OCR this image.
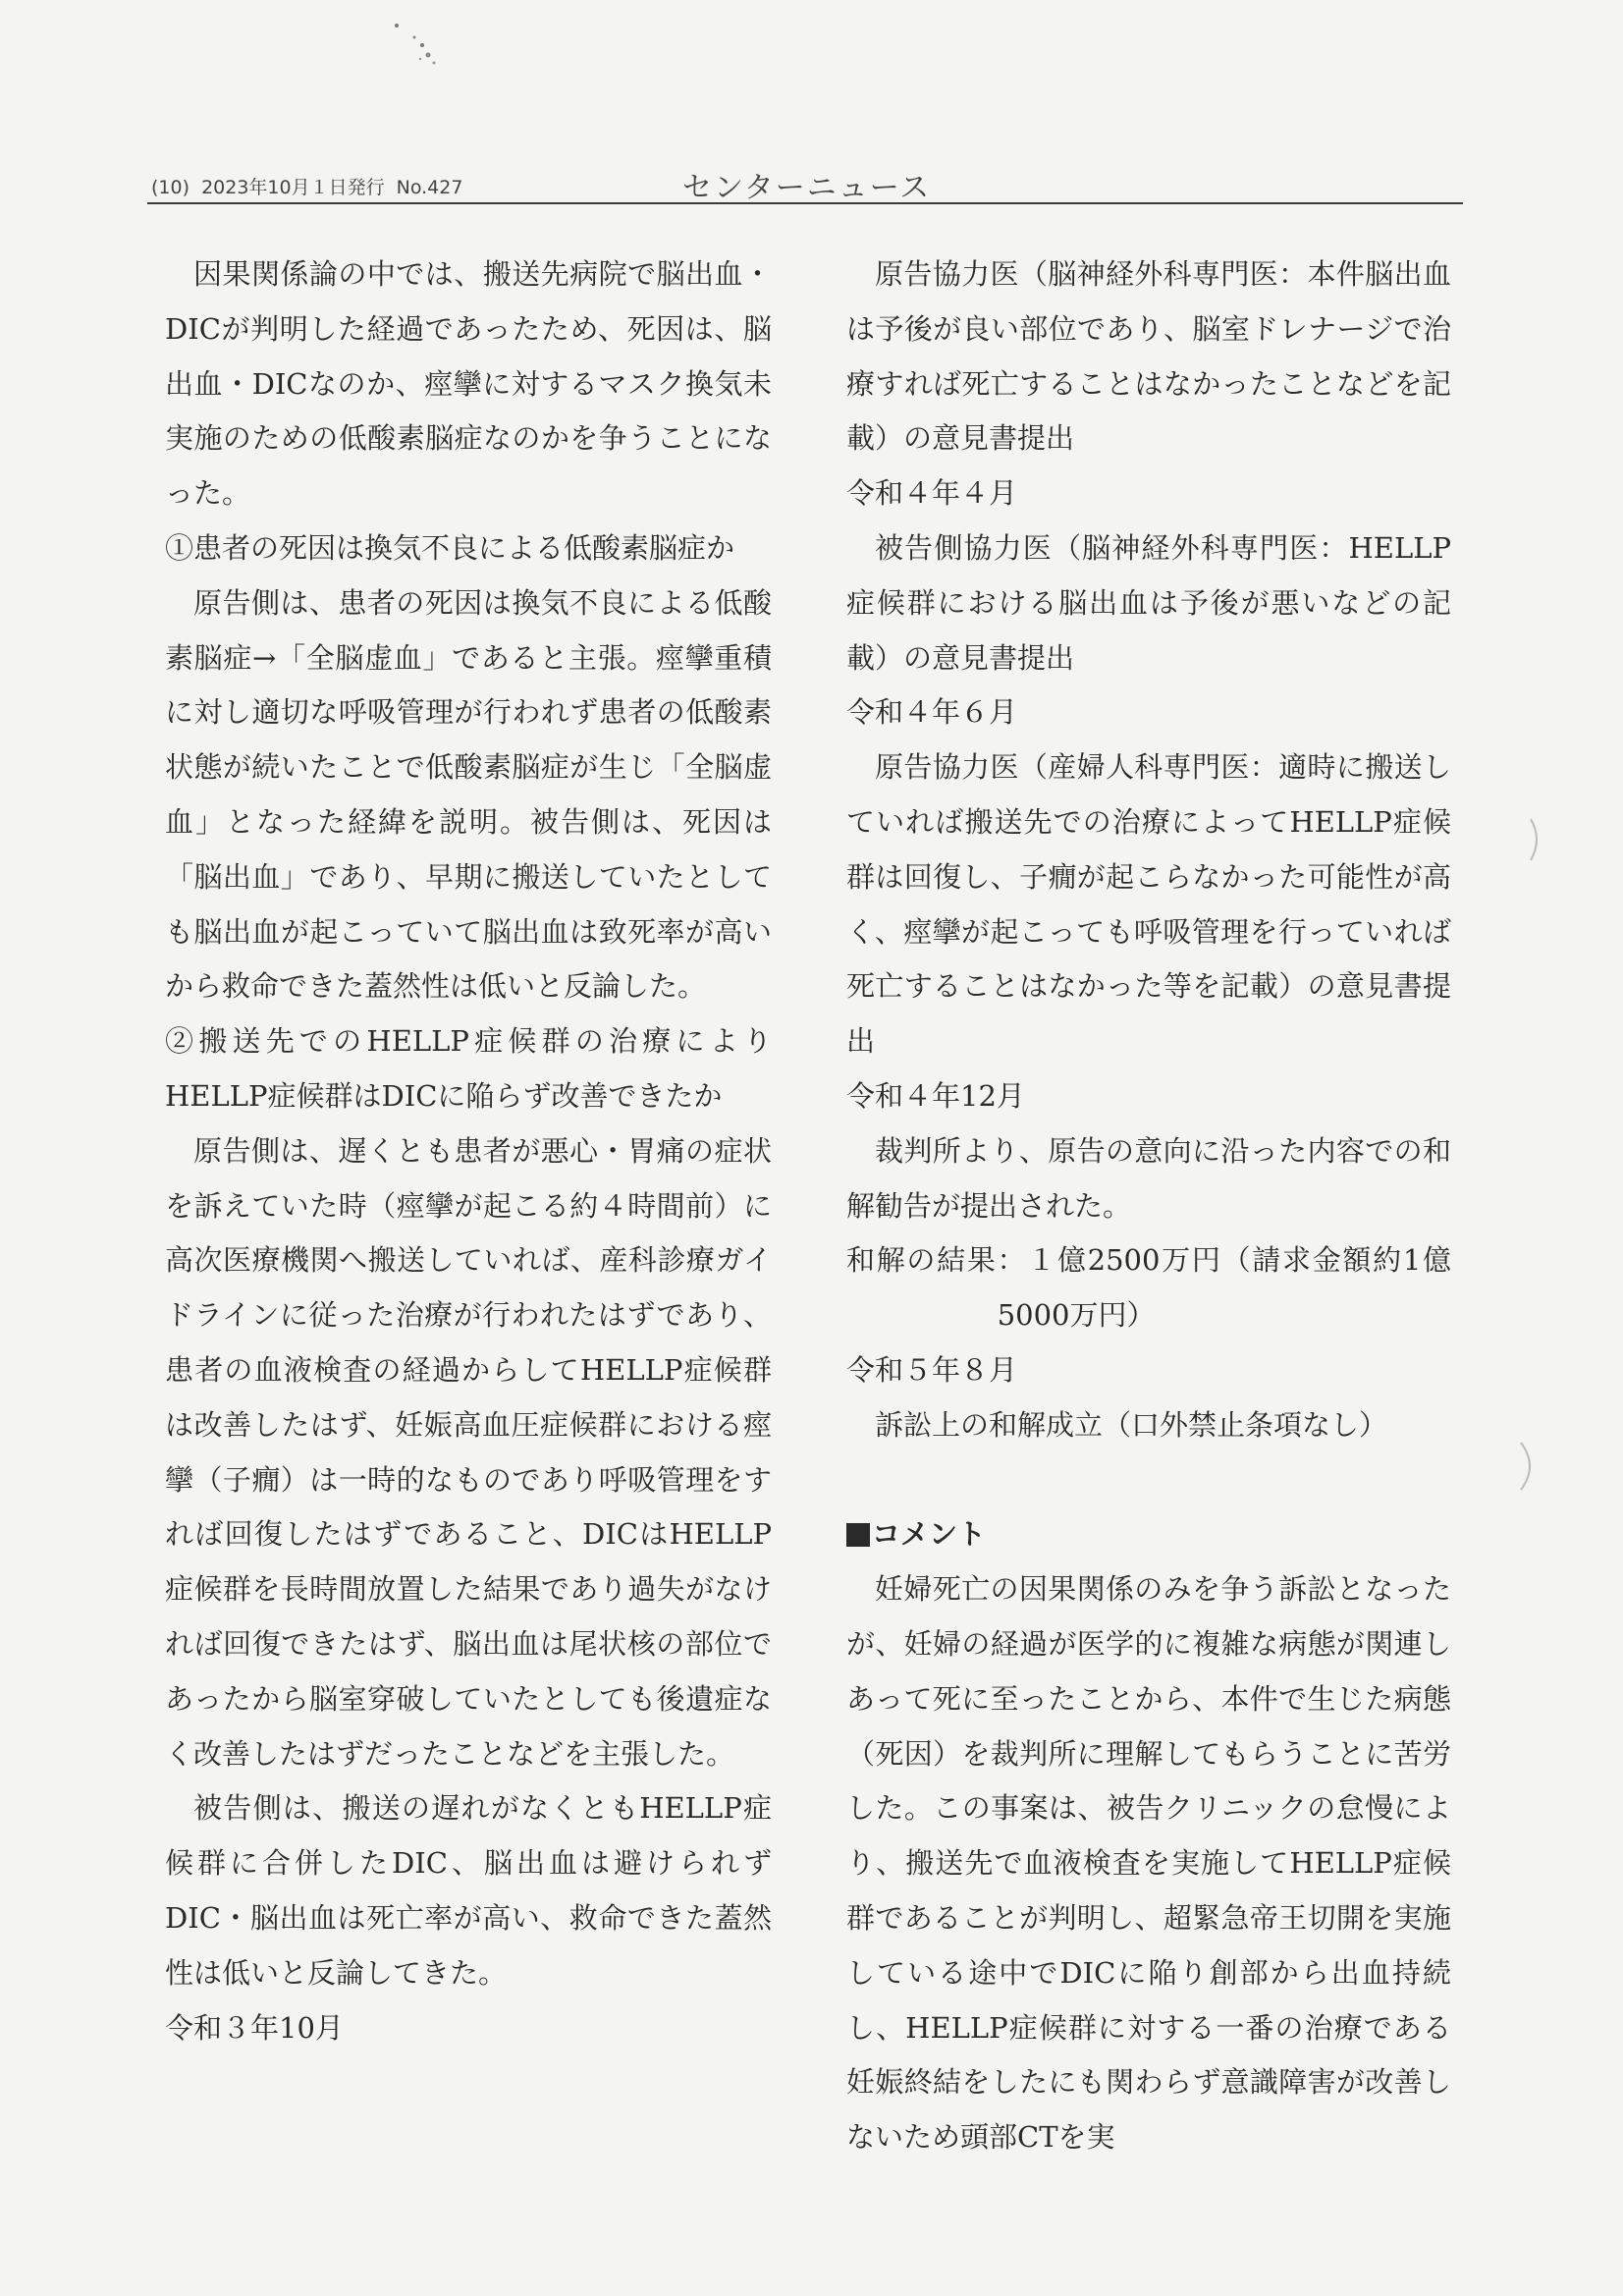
(10) 2023年10月１日発行 No.427	センターニュース

因果関係論の中では、搬送先病院で脳出血・DICが判明した経過であったため、死因は、脳出血・DICなのか、痙攣に対するマスク換気未実施のための低酸素脳症なのかを争うことになった。

①患者の死因は換気不良による低酸素脳症か

原告側は、患者の死因は換気不良による低酸素脳症→「全脳虚血」であると主張。痙攣重積に対し適切な呼吸管理が行われず患者の低酸素状態が続いたことで低酸素脳症が生じ「全脳虚血」となった経緯を説明。被告側は、死因は「脳出血」であり、早期に搬送していたとしても脳出血が起こっていて脳出血は致死率が高いから救命できた蓋然性は低いと反論した。

②搬送先でのHELLP症候群の治療によりHELLP症候群はDICに陥らず改善できたか

原告側は、遅くとも患者が悪心・胃痛の症状を訴えていた時（痙攣が起こる約４時間前）に高次医療機関へ搬送していれば、産科診療ガイドラインに従った治療が行われたはずであり、患者の血液検査の経過からしてHELLP症候群は改善したはず、妊娠高血圧症候群における痙攣（子癇）は一時的なものであり呼吸管理をすれば回復したはずであること、DICはHELLP症候群を長時間放置した結果であり過失がなければ回復できたはず、脳出血は尾状核の部位であったから脳室穿破していたとしても後遺症なく改善したはずだったことなどを主張した。

被告側は、搬送の遅れがなくともHELLP症候群に合併したDIC、脳出血は避けられずDIC・脳出血は死亡率が高い、救命できた蓋然性は低いと反論してきた。

令和３年10月

原告協力医（脳神経外科専門医：本件脳出血は予後が良い部位であり、脳室ドレナージで治療すれば死亡することはなかったことなどを記載）の意見書提出

令和４年４月

被告側協力医（脳神経外科専門医：HELLP症候群における脳出血は予後が悪いなどの記載）の意見書提出

令和４年６月

原告協力医（産婦人科専門医：適時に搬送していれば搬送先での治療によってHELLP症候群は回復し、子癇が起こらなかった可能性が高く、痙攣が起こっても呼吸管理を行っていれば死亡することはなかった等を記載）の意見書提出

令和４年12月

裁判所より、原告の意向に沿った内容での和解勧告が提出された。

和解の結果：１億2500万円（請求金額約1億5000万円）

令和５年８月

訴訟上の和解成立（口外禁止条項なし）

コメント

妊婦死亡の因果関係のみを争う訴訟となったが、妊婦の経過が医学的に複雑な病態が関連しあって死に至ったことから、本件で生じた病態（死因）を裁判所に理解してもらうことに苦労した。この事案は、被告クリニックの怠慢により、搬送先で血液検査を実施してHELLP症候群であることが判明し、超緊急帝王切開を実施している途中でDICに陥り創部から出血持続し、HELLP症候群に対する一番の治療である妊娠終結をしたにも関わらず意識障害が改善しないため頭部CTを実
